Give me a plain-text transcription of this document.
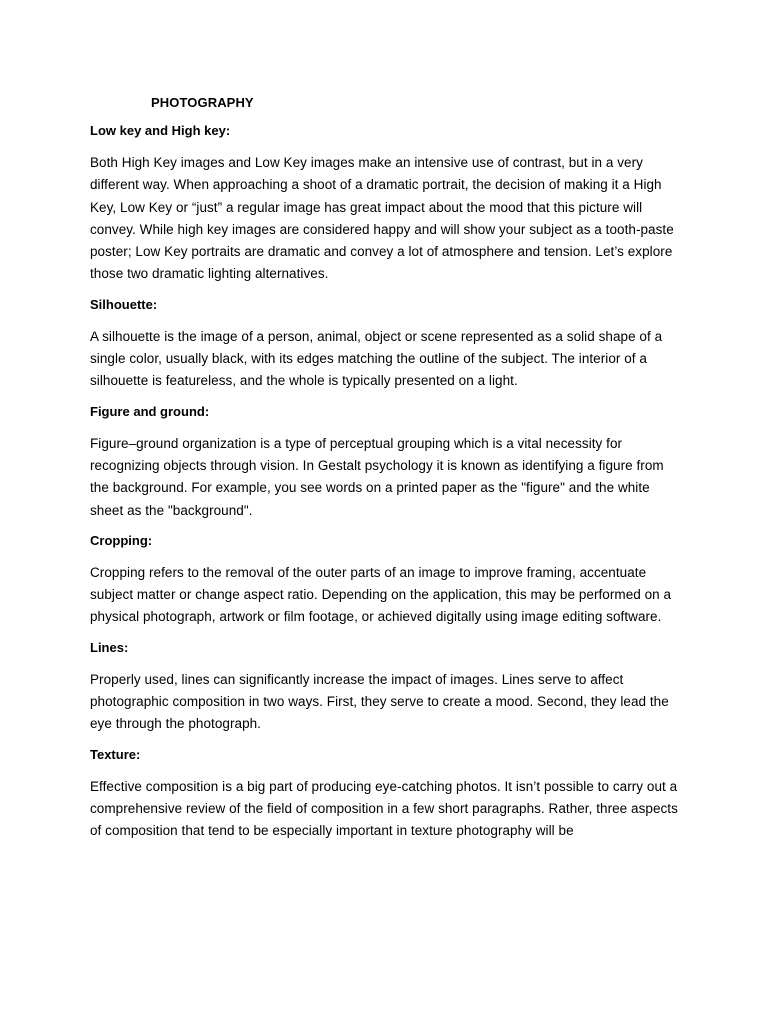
PHOTOGRAPHY
Low key and High key:
Both High Key images and Low Key images make an intensive use of contrast, but in a very different way. When approaching a shoot of a dramatic portrait, the decision of making it a High Key, Low Key or “just” a regular image has great impact about the mood that this picture will convey. While high key images are considered happy and will show your subject as a tooth-paste poster; Low Key portraits are dramatic and convey a lot of atmosphere and tension. Let’s explore those two dramatic lighting alternatives.
Silhouette:
A silhouette is the image of a person, animal, object or scene represented as a solid shape of a single color, usually black, with its edges matching the outline of the subject. The interior of a silhouette is featureless, and the whole is typically presented on a light.
Figure and ground:
Figure–ground organization is a type of perceptual grouping which is a vital necessity for recognizing objects through vision. In Gestalt psychology it is known as identifying a figure from the background. For example, you see words on a printed paper as the "figure" and the white sheet as the "background".
Cropping:
Cropping refers to the removal of the outer parts of an image to improve framing, accentuate subject matter or change aspect ratio. Depending on the application, this may be performed on a physical photograph, artwork or film footage, or achieved digitally using image editing software.
Lines:
Properly used, lines can significantly increase the impact of images. Lines serve to affect photographic composition in two ways. First, they serve to create a mood. Second, they lead the eye through the photograph.
Texture:
Effective composition is a big part of producing eye-catching photos. It isn’t possible to carry out a comprehensive review of the field of composition in a few short paragraphs. Rather, three aspects of composition that tend to be especially important in texture photography will be
